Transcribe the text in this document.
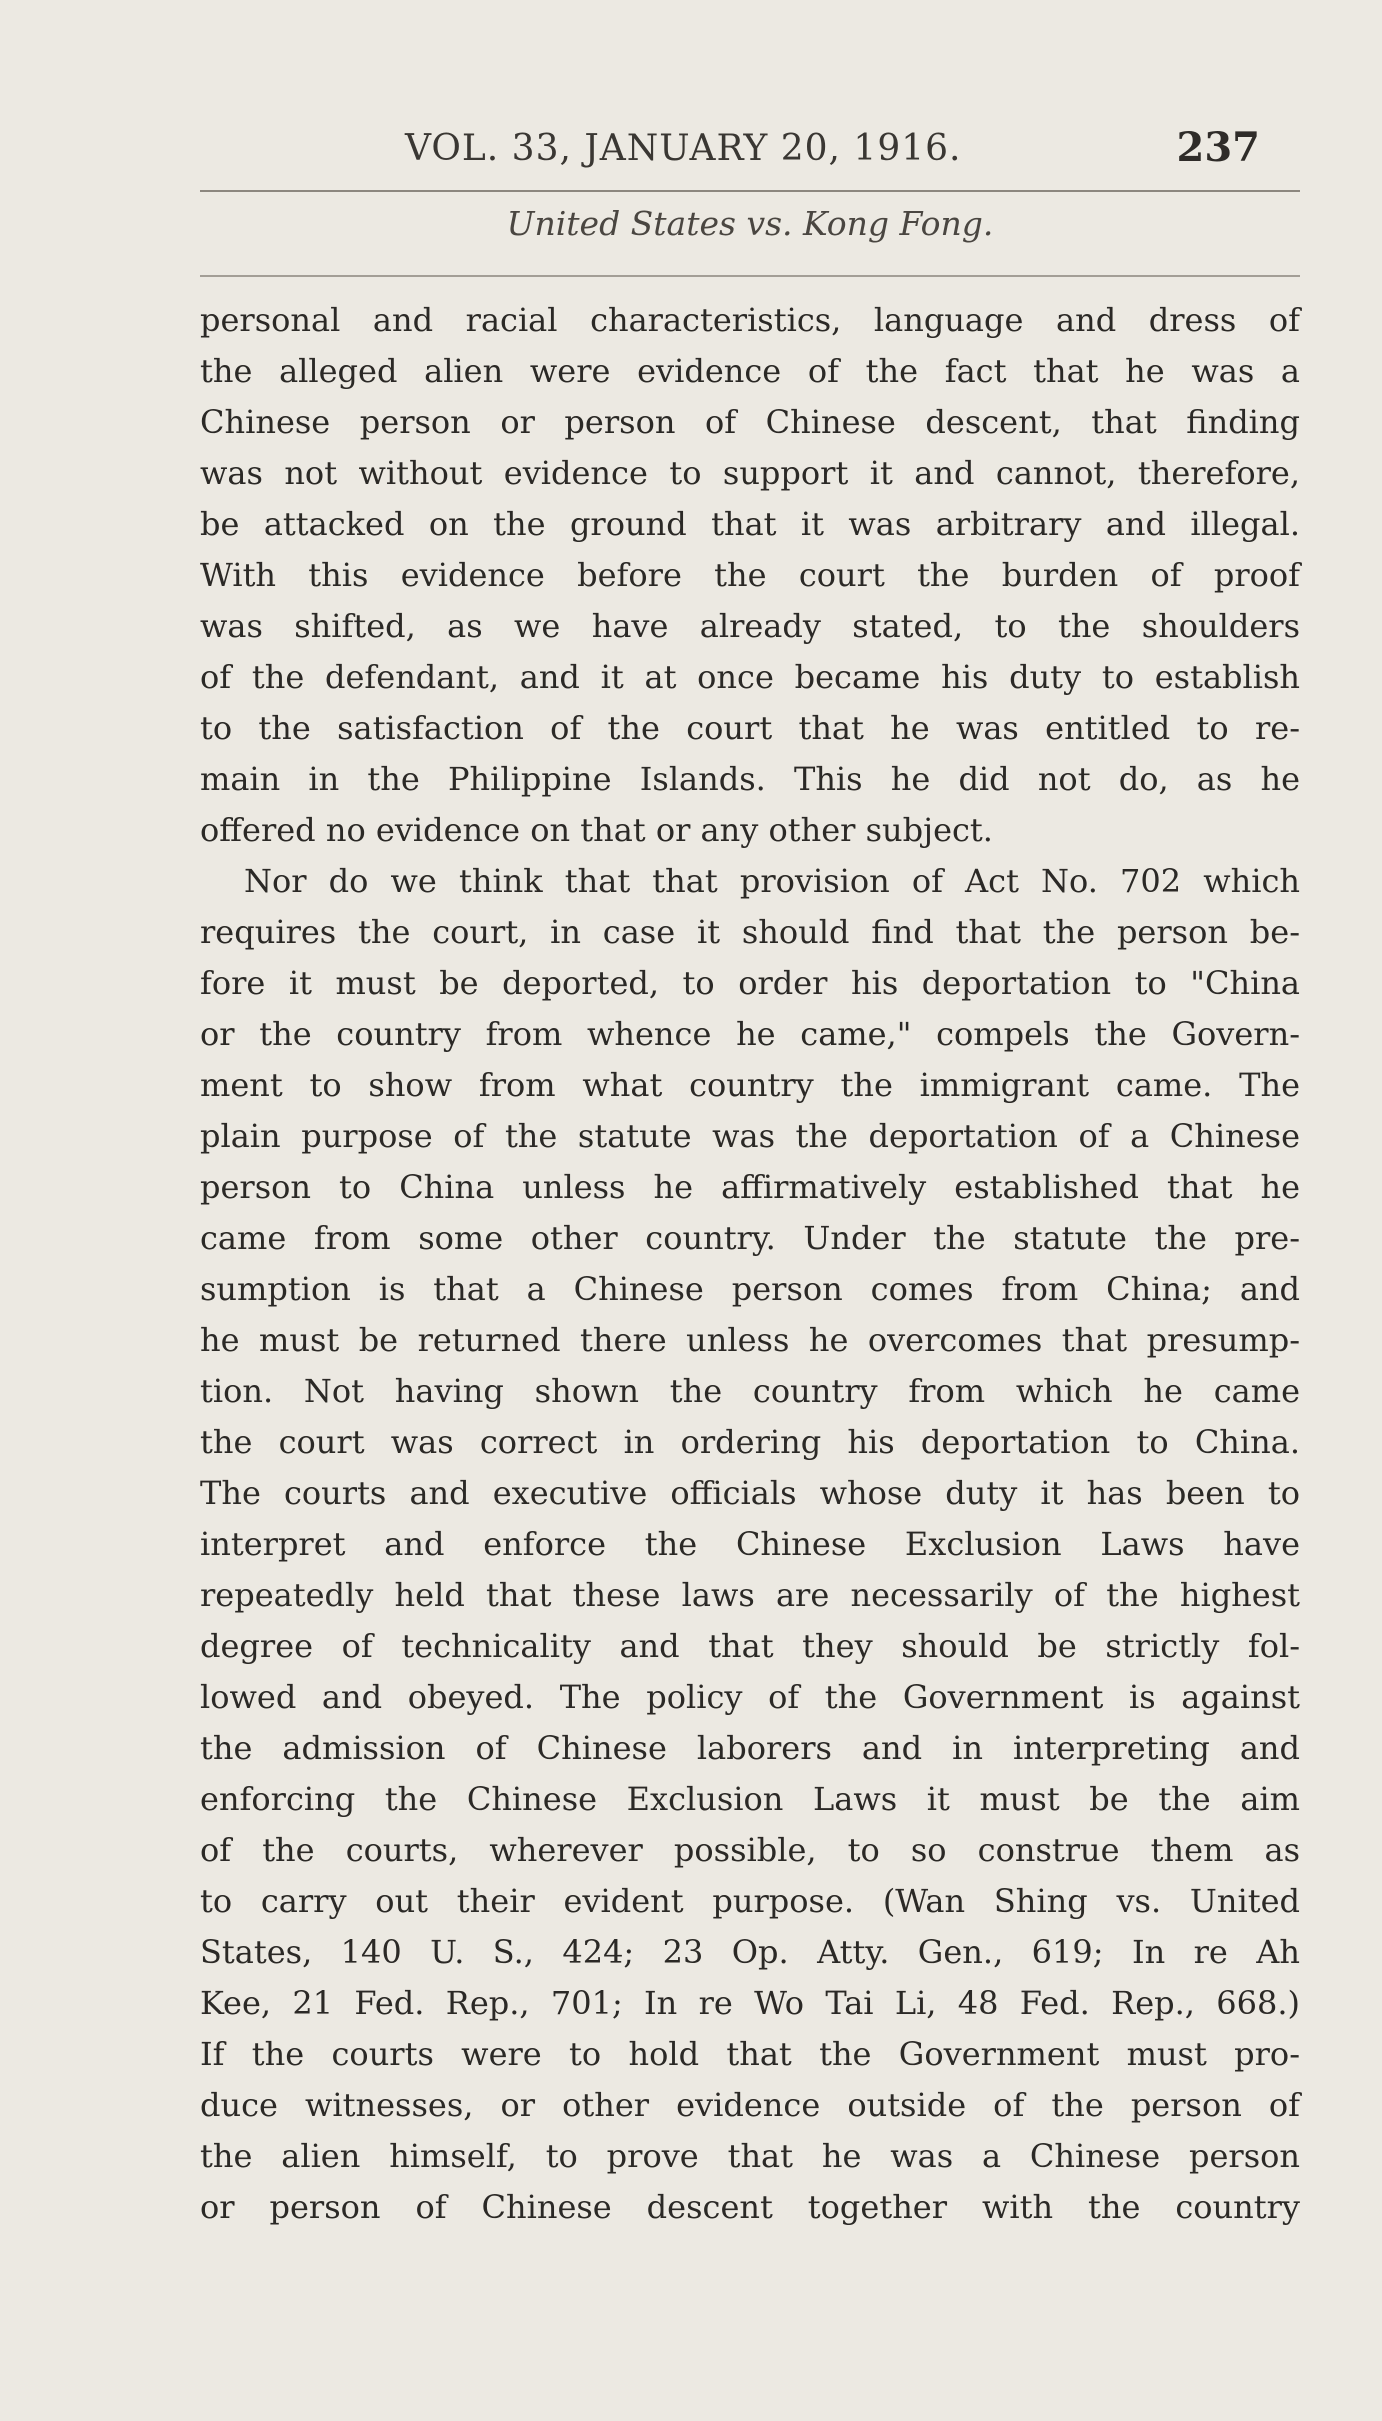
VOL. 33, JANUARY 20, 1916.	237
United States vs. Kong Fong.
personal and racial characteristics, language and dress of
the alleged alien were evidence of the fact that he was a
Chinese person or person of Chinese descent, that finding
was not without evidence to support it and cannot, therefore,
be attacked on the ground that it was arbitrary and illegal.
With this evidence before the court the burden of proof
was shifted, as we have already stated, to the shoulders
of the defendant, and it at once became his duty to establish
to the satisfaction of the court that he was entitled to re-
main in the Philippine Islands. This he did not do, as he
offered no evidence on that or any other subject.
Nor do we think that that provision of Act No. 702 which
requires the court, in case it should find that the person be-
fore it must be deported, to order his deportation to "China
or the country from whence he came," compels the Govern-
ment to show from what country the immigrant came. The
plain purpose of the statute was the deportation of a Chinese
person to China unless he affirmatively established that he
came from some other country. Under the statute the pre-
sumption is that a Chinese person comes from China; and
he must be returned there unless he overcomes that presump-
tion. Not having shown the country from which he came
the court was correct in ordering his deportation to China.
The courts and executive officials whose duty it has been to
interpret and enforce the Chinese Exclusion Laws have
repeatedly held that these laws are necessarily of the highest
degree of technicality and that they should be strictly fol-
lowed and obeyed. The policy of the Government is against
the admission of Chinese laborers and in interpreting and
enforcing the Chinese Exclusion Laws it must be the aim
of the courts, wherever possible, to so construe them as
to carry out their evident purpose. (Wan Shing vs. United
States, 140 U. S., 424; 23 Op. Atty. Gen., 619; In re Ah
Kee, 21 Fed. Rep., 701; In re Wo Tai Li, 48 Fed. Rep., 668.)
If the courts were to hold that the Government must pro-
duce witnesses, or other evidence outside of the person of
the alien himself, to prove that he was a Chinese person
or person of Chinese descent together with the country
